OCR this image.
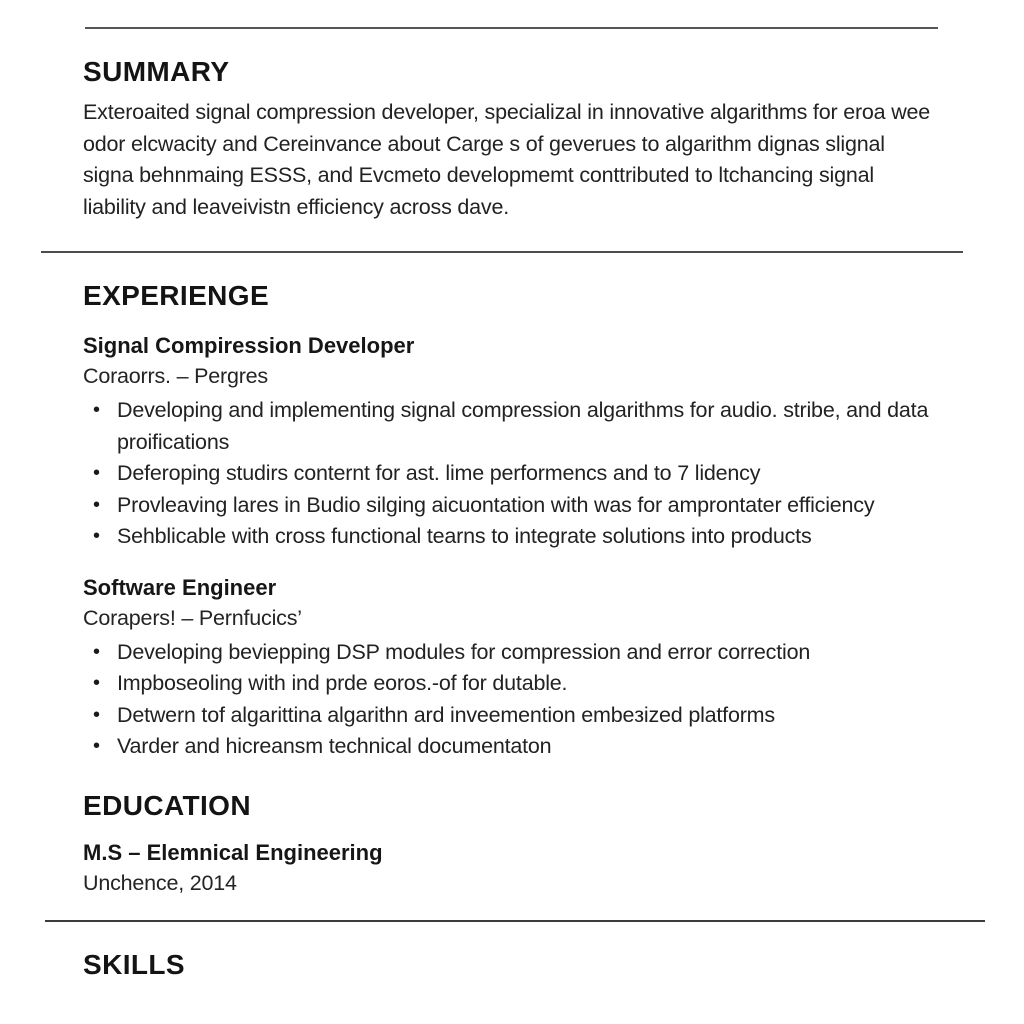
SUMMARY

Exteroaited signal compression developer, specializal in innovative algarithms for eroa wee odor elcwacity and Cereinvance about Carge s of geverues to algarithm dignas slignal signa behnmaing ESSS, and Evcmeto developmemt conttributed to ltchancing signal liability and leaveivistn efficiency across dave.

EXPERIENGE
Signal Compiression Developer
Coraorrs. – Pergres
• Developing and implementing signal compression algarithms for audio. stribe, and data proifications
• Deferoping studirs conternt for ast. lime performencs and to 7 lidency
• Provleaving lares in Budio silging aicuontation with was for amprontater efficiency
• Sehblicable with cross functional tearns to integrate solutions into products
Software Engineer
Corapers! – Pernfucics’
• Developing beviepping DSP modules for compression and error correction
• Impboseoling with ind prde eoros.-of for dutable.
• Detwern tof algarittina algarithn ard inveemention embeзized platforms
• Varder and hicreansm technical documentaton
EDUCATION
M.S – Elemnical Engineering
Unchence, 2014
SKILLS
